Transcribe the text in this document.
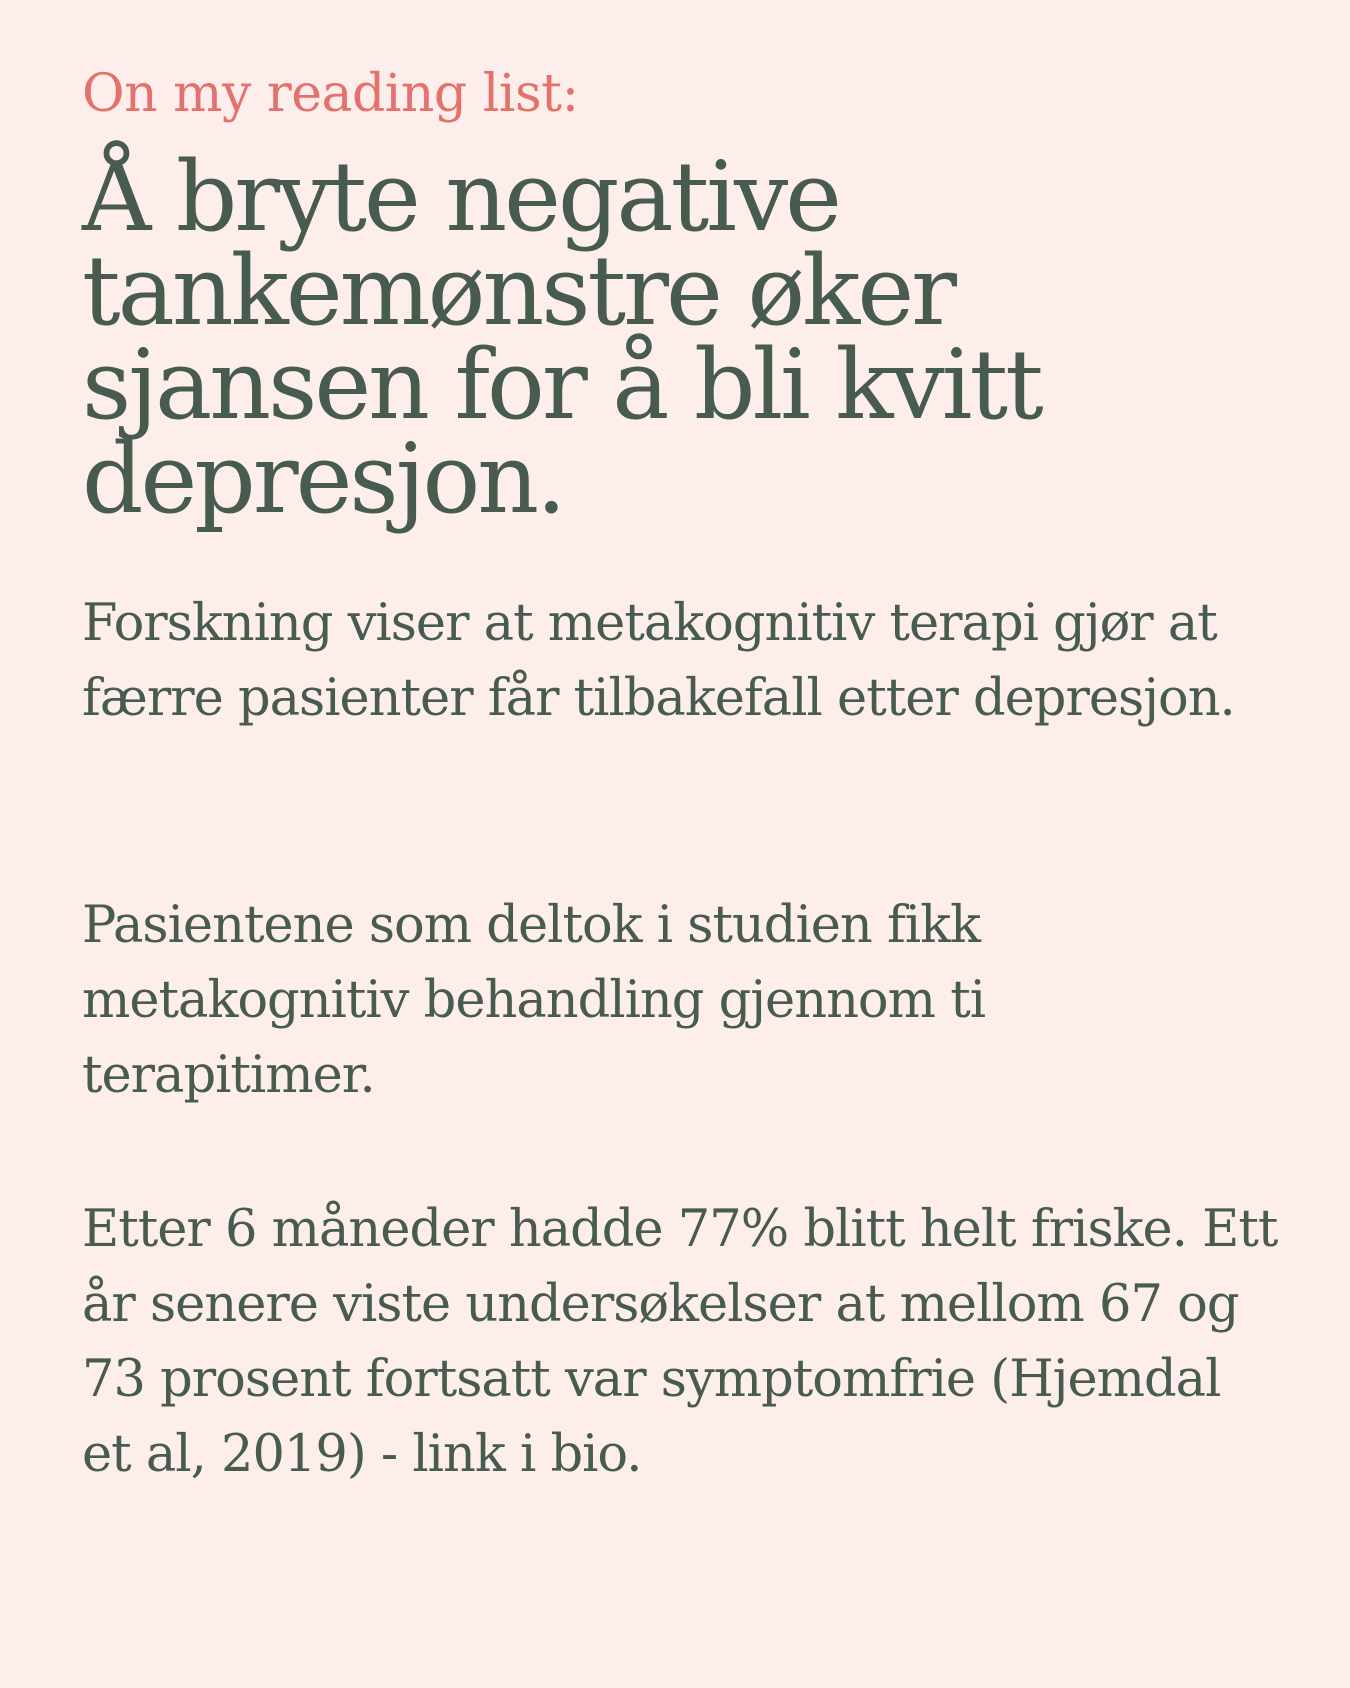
On my reading list:

Å bryte negative tankemønstre øker sjansen for å bli kvitt depresjon.

Forskning viser at metakognitiv terapi gjør at færre pasienter får tilbakefall etter depresjon.

Pasientene som deltok i studien fikk metakognitiv behandling gjennom ti terapitimer.

Etter 6 måneder hadde 77% blitt helt friske. Ett år senere viste undersøkelser at mellom 67 og 73 prosent fortsatt var symptomfrie (Hjemdal et al, 2019) - link i bio.
